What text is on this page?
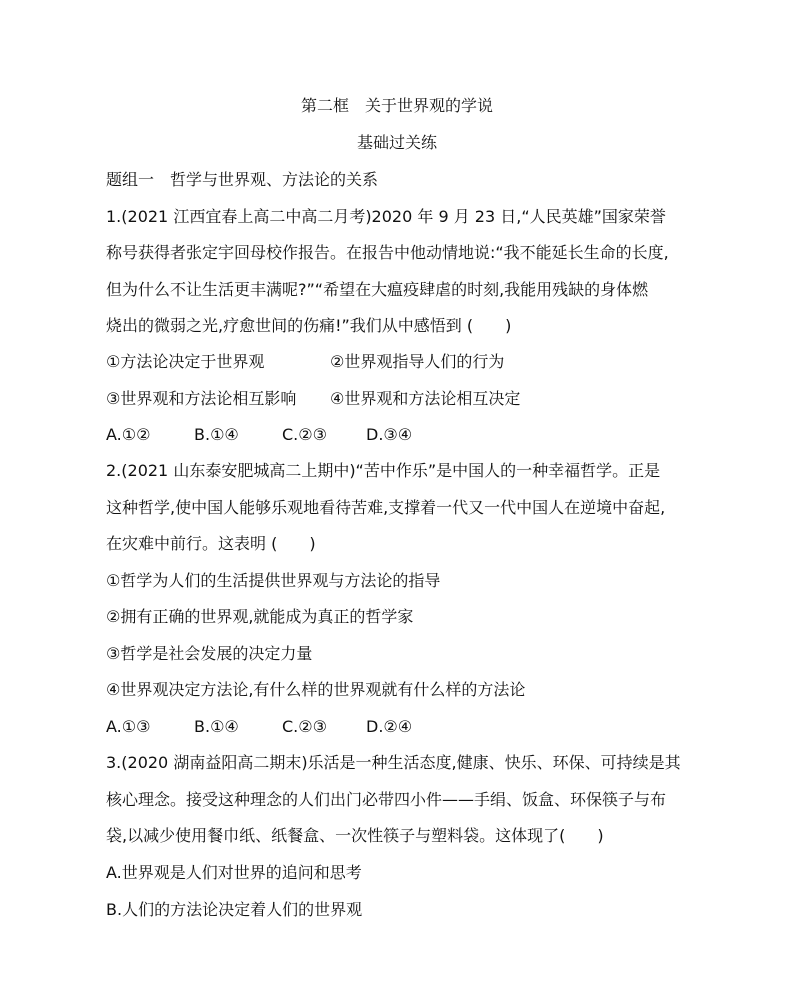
第二框　关于世界观的学说
基础过关练
题组一　哲学与世界观、方法论的关系
1.(2021 江西宜春上高二中高二月考)2020 年 9 月 23 日,“人民英雄”国家荣誉
称号获得者张定宇回母校作报告。在报告中他动情地说:“我不能延长生命的长度,
但为什么不让生活更丰满呢?”“希望在大瘟疫肆虐的时刻,我能用残缺的身体燃
烧出的微弱之光,疗愈世间的伤痛!”我们从中感悟到 (　　)
①方法论决定于世界观	②世界观指导人们的行为
③世界观和方法论相互影响 ④世界观和方法论相互决定
A.①②	B.①④	C.②③ D.③④
2.(2021 山东泰安肥城高二上期中)“苦中作乐”是中国人的一种幸福哲学。正是
这种哲学,使中国人能够乐观地看待苦难,支撑着一代又一代中国人在逆境中奋起,
在灾难中前行。这表明 (　　)
①哲学为人们的生活提供世界观与方法论的指导
②拥有正确的世界观,就能成为真正的哲学家
③哲学是社会发展的决定力量
④世界观决定方法论,有什么样的世界观就有什么样的方法论
A.①③	B.①④	C.②③ D.②④
3.(2020 湖南益阳高二期末)乐活是一种生活态度,健康、快乐、环保、可持续是其
核心理念。接受这种理念的人们出门必带四小件——手绢、饭盒、环保筷子与布
袋,以减少使用餐巾纸、纸餐盒、一次性筷子与塑料袋。这体现了(　　)
A.世界观是人们对世界的追问和思考
B.人们的方法论决定着人们的世界观
